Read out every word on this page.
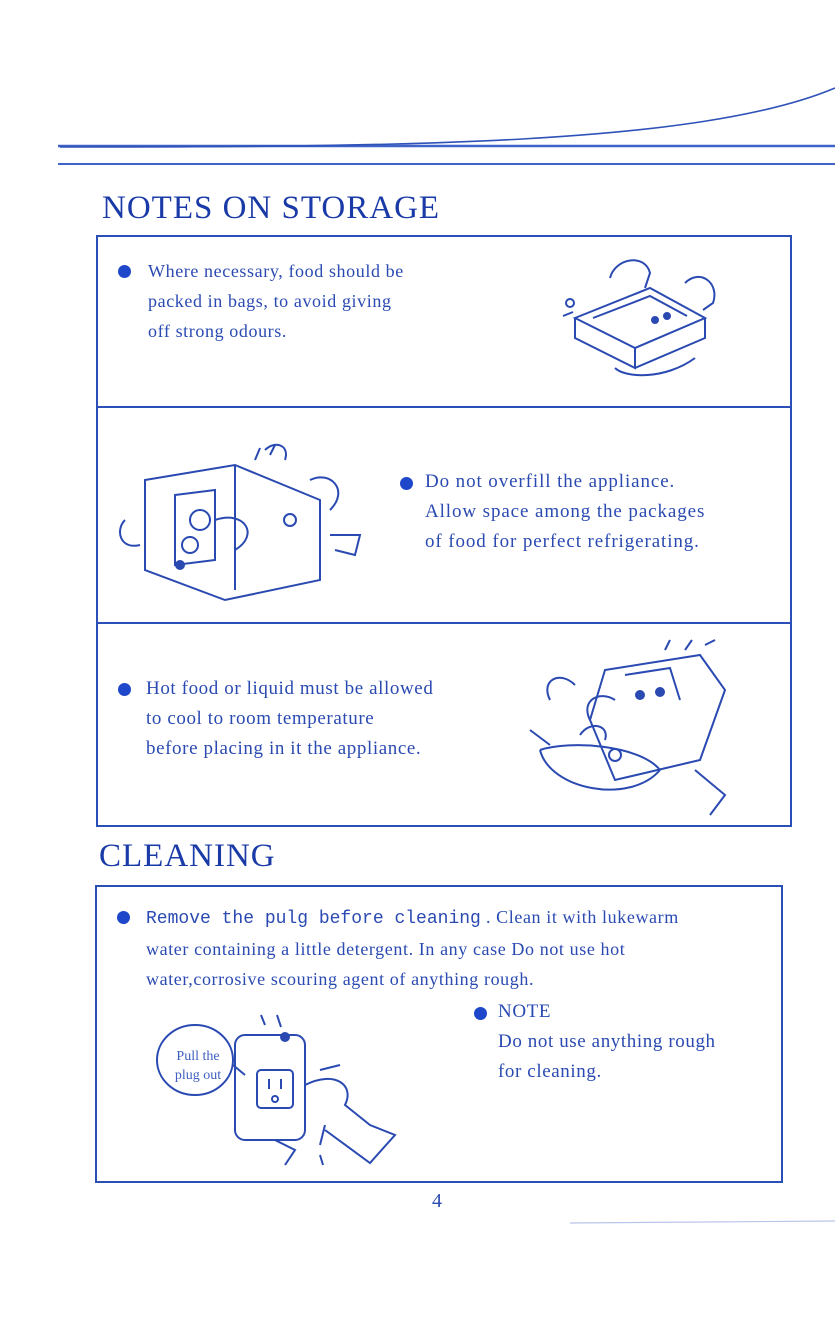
NOTES ON STORAGE
Where necessary, food should be
packed in bags, to avoid giving
off strong odours.
Do not overfill the appliance.
Allow space among the packages
of food for perfect refrigerating.
Hot food or liquid must be allowed
to cool to room temperature
before placing in it the appliance.
CLEANING
Remove the pulg before cleaning . Clean it with lukewarm
water containing a little detergent. In any case Do not use hot
water,corrosive scouring agent of anything rough.
NOTE
Do not use anything rough
for cleaning.
Pull the
plug out
4
